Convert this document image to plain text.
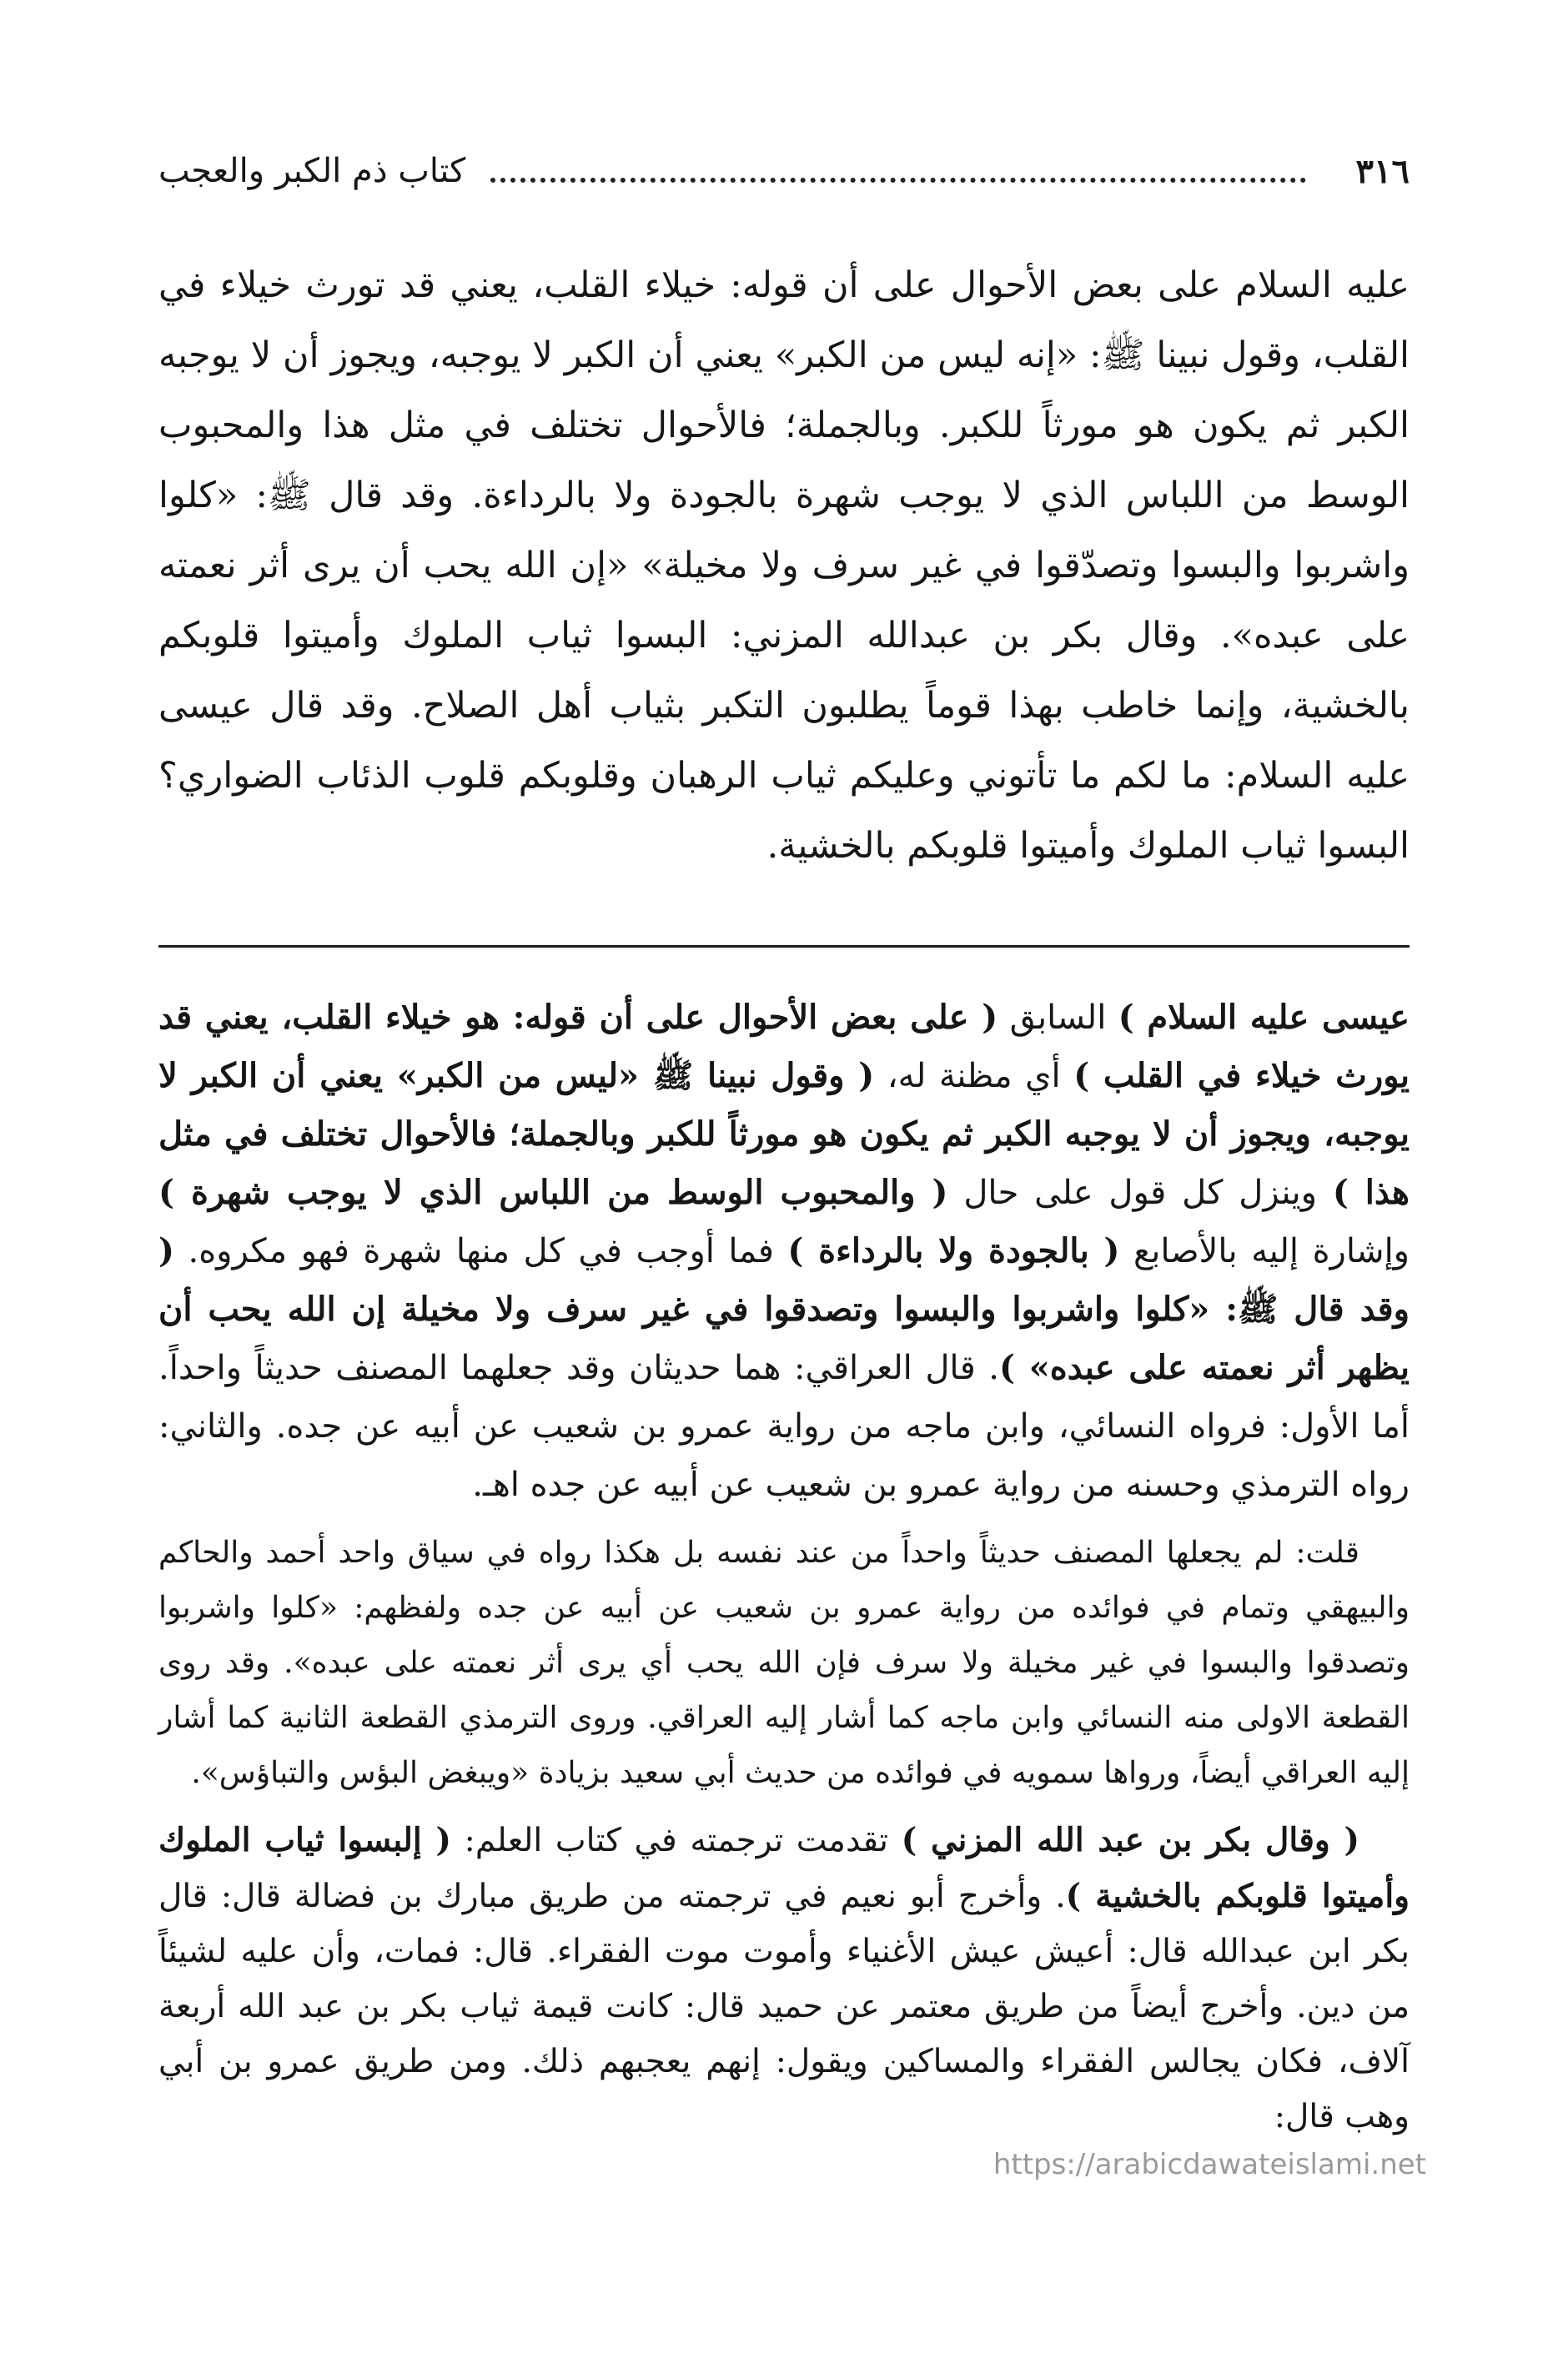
٣١٦
كتاب ذم الكبر والعجب

عليه السلام على بعض الأحوال على أن قوله: خيلاء القلب، يعني قد تورث خيلاء في القلب، وقول نبينا ﷺ: «إنه ليس من الكبر» يعني أن الكبر لا يوجبه، ويجوز أن لا يوجبه الكبر ثم يكون هو مورثاً للكبر. وبالجملة؛ فالأحوال تختلف في مثل هذا والمحبوب الوسط من اللباس الذي لا يوجب شهرة بالجودة ولا بالرداءة. وقد قال ﷺ: «كلوا واشربوا والبسوا وتصدّقوا في غير سرف ولا مخيلة» «إن الله يحب أن يرى أثر نعمته على عبده». وقال بكر بن عبدالله المزني: البسوا ثياب الملوك وأميتوا قلوبكم بالخشية، وإنما خاطب بهذا قوماً يطلبون التكبر بثياب أهل الصلاح. وقد قال عيسى عليه السلام: ما لكم ما تأتوني وعليكم ثياب الرهبان وقلوبكم قلوب الذئاب الضواري؟ البسوا ثياب الملوك وأميتوا قلوبكم بالخشية.

عيسى عليه السلام ) السابق ( على بعض الأحوال على أن قوله: هو خيلاء القلب، يعني قد يورث خيلاء في القلب ) أي مظنة له، ( وقول نبينا ﷺ «ليس من الكبر» يعني أن الكبر لا يوجبه، ويجوز أن لا يوجبه الكبر ثم يكون هو مورثاً للكبر وبالجملة؛ فالأحوال تختلف في مثل هذا ) وينزل كل قول على حال ( والمحبوب الوسط من اللباس الذي لا يوجب شهرة ) وإشارة إليه بالأصابع ( بالجودة ولا بالرداءة ) فما أوجب في كل منها شهرة فهو مكروه. ( وقد قال ﷺ: «كلوا واشربوا والبسوا وتصدقوا في غير سرف ولا مخيلة إن الله يحب أن يظهر أثر نعمته على عبده» ). قال العراقي: هما حديثان وقد جعلهما المصنف حديثاً واحداً. أما الأول: فرواه النسائي، وابن ماجه من رواية عمرو بن شعيب عن أبيه عن جده. والثاني: رواه الترمذي وحسنه من رواية عمرو بن شعيب عن أبيه عن جده اهـ.

قلت: لم يجعلها المصنف حديثاً واحداً من عند نفسه بل هكذا رواه في سياق واحد أحمد والحاكم والبيهقي وتمام في فوائده من رواية عمرو بن شعيب عن أبيه عن جده ولفظهم: «كلوا واشربوا وتصدقوا والبسوا في غير مخيلة ولا سرف فإن الله يحب أي يرى أثر نعمته على عبده». وقد روى القطعة الاولى منه النسائي وابن ماجه كما أشار إليه العراقي. وروى الترمذي القطعة الثانية كما أشار إليه العراقي أيضاً، ورواها سمويه في فوائده من حديث أبي سعيد بزيادة «ويبغض البؤس والتباؤس».

( وقال بكر بن عبد الله المزني ) تقدمت ترجمته في كتاب العلم: ( إلبسوا ثياب الملوك وأميتوا قلوبكم بالخشية ). وأخرج أبو نعيم في ترجمته من طريق مبارك بن فضالة قال: قال بكر ابن عبدالله قال: أعيش عيش الأغنياء وأموت موت الفقراء. قال: فمات، وأن عليه لشيئاً من دين. وأخرج أيضاً من طريق معتمر عن حميد قال: كانت قيمة ثياب بكر بن عبد الله أربعة آلاف، فكان يجالس الفقراء والمساكين ويقول: إنهم يعجبهم ذلك. ومن طريق عمرو بن أبي وهب قال:

https://arabicdawateislami.net
